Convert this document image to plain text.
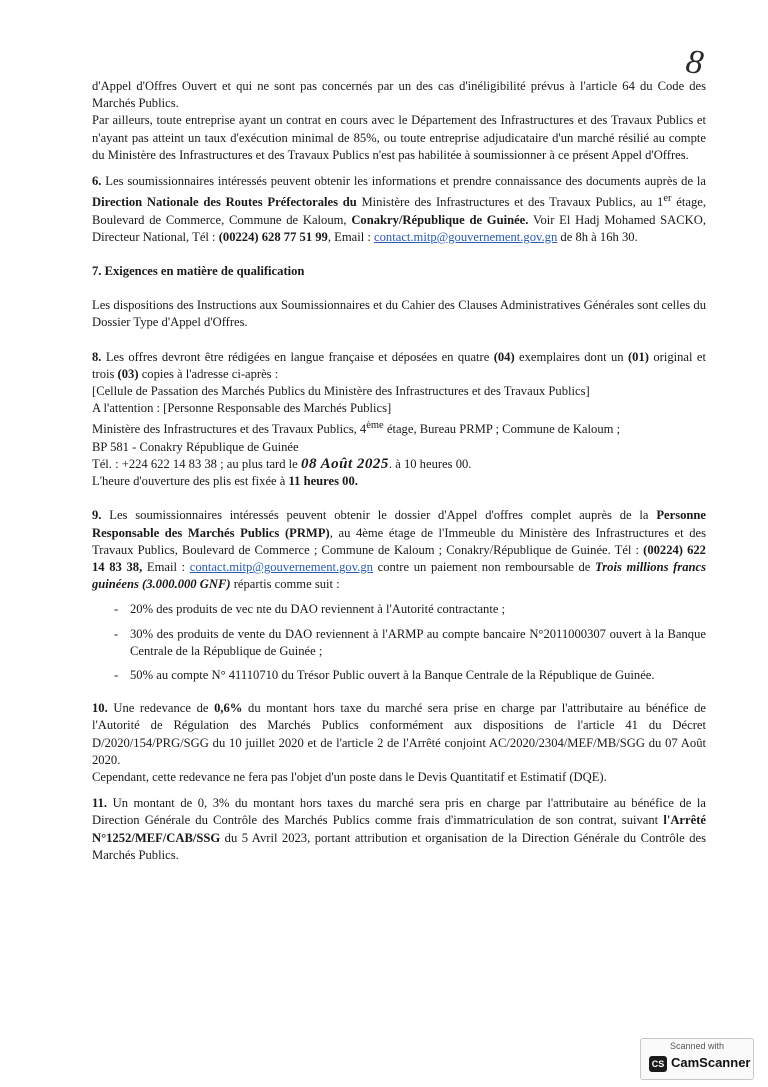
8

d'Appel d'Offres Ouvert et qui ne sont pas concernés par un des cas d'inéligibilité prévus à l'article 64 du Code des Marchés Publics.

Par ailleurs, toute entreprise ayant un contrat en cours avec le Département des Infrastructures et des Travaux Publics et n'ayant pas atteint un taux d'exécution minimal de 85%, ou toute entreprise adjudicataire d'un marché résilié au compte du Ministère des Infrastructures et des Travaux Publics n'est pas habilitée à soumissionner à ce présent Appel d'Offres.

6. Les soumissionnaires intéressés peuvent obtenir les informations et prendre connaissance des documents auprès de la Direction Nationale des Routes Préfectorales du Ministère des Infrastructures et des Travaux Publics, au 1er étage, Boulevard de Commerce, Commune de Kaloum, Conakry/République de Guinée. Voir El Hadj Mohamed SACKO, Directeur National, Tél : (00224) 628 77 51 99, Email : contact.mitp@gouvernement.gov.gn de 8h à 16h 30.

7. Exigences en matière de qualification

Les dispositions des Instructions aux Soumissionnaires et du Cahier des Clauses Administratives Générales sont celles du Dossier Type d'Appel d'Offres.

8. Les offres devront être rédigées en langue française et déposées en quatre (04) exemplaires dont un (01) original et trois (03) copies à l'adresse ci-après :

[Cellule de Passation des Marchés Publics du Ministère des Infrastructures et des Travaux Publics]

A l'attention : [Personne Responsable des Marchés Publics]

Ministère des Infrastructures et des Travaux Publics, 4ème étage, Bureau PRMP ; Commune de Kaloum ;

BP 581 - Conakry République de Guinée

Tél. : +224 622 14 83 38 ; au plus tard le 08 Août 2025. à 10 heures 00.

L'heure d'ouverture des plis est fixée à 11 heures 00.

9. Les soumissionnaires intéressés peuvent obtenir le dossier d'Appel d'offres complet auprès de la Personne Responsable des Marchés Publics (PRMP), au 4ème étage de l'Immeuble du Ministère des Infrastructures et des Travaux Publics, Boulevard de Commerce ; Commune de Kaloum ; Conakry/République de Guinée. Tél : (00224) 622 14 83 38, Email : contact.mitp@gouvernement.gov.gn contre un paiement non remboursable de Trois millions francs guinéens (3.000.000 GNF) répartis comme suit :

- 20% des produits de vec nte du DAO reviennent à l'Autorité contractante ;
- 30% des produits de vente du DAO reviennent à l'ARMP au compte bancaire N°2011000307 ouvert à la Banque Centrale de la République de Guinée ;
- 50% au compte N° 41110710 du Trésor Public ouvert à la Banque Centrale de la République de Guinée.

10. Une redevance de 0,6% du montant hors taxe du marché sera prise en charge par l'attributaire au bénéfice de l'Autorité de Régulation des Marchés Publics conformément aux dispositions de l'article 41 du Décret D/2020/154/PRG/SGG du 10 juillet 2020 et de l'article 2 de l'Arrêté conjoint AC/2020/2304/MEF/MB/SGG du 07 Août 2020.

Cependant, cette redevance ne fera pas l'objet d'un poste dans le Devis Quantitatif et Estimatif (DQE).

11. Un montant de 0, 3% du montant hors taxes du marché sera pris en charge par l'attributaire au bénéfice de la Direction Générale du Contrôle des Marchés Publics comme frais d'immatriculation de son contrat, suivant l'Arrêté N°1252/MEF/CAB/SSG du 5 Avril 2023, portant attribution et organisation de la Direction Générale du Contrôle des Marchés Publics.

Scanned with
CS CamScanner
